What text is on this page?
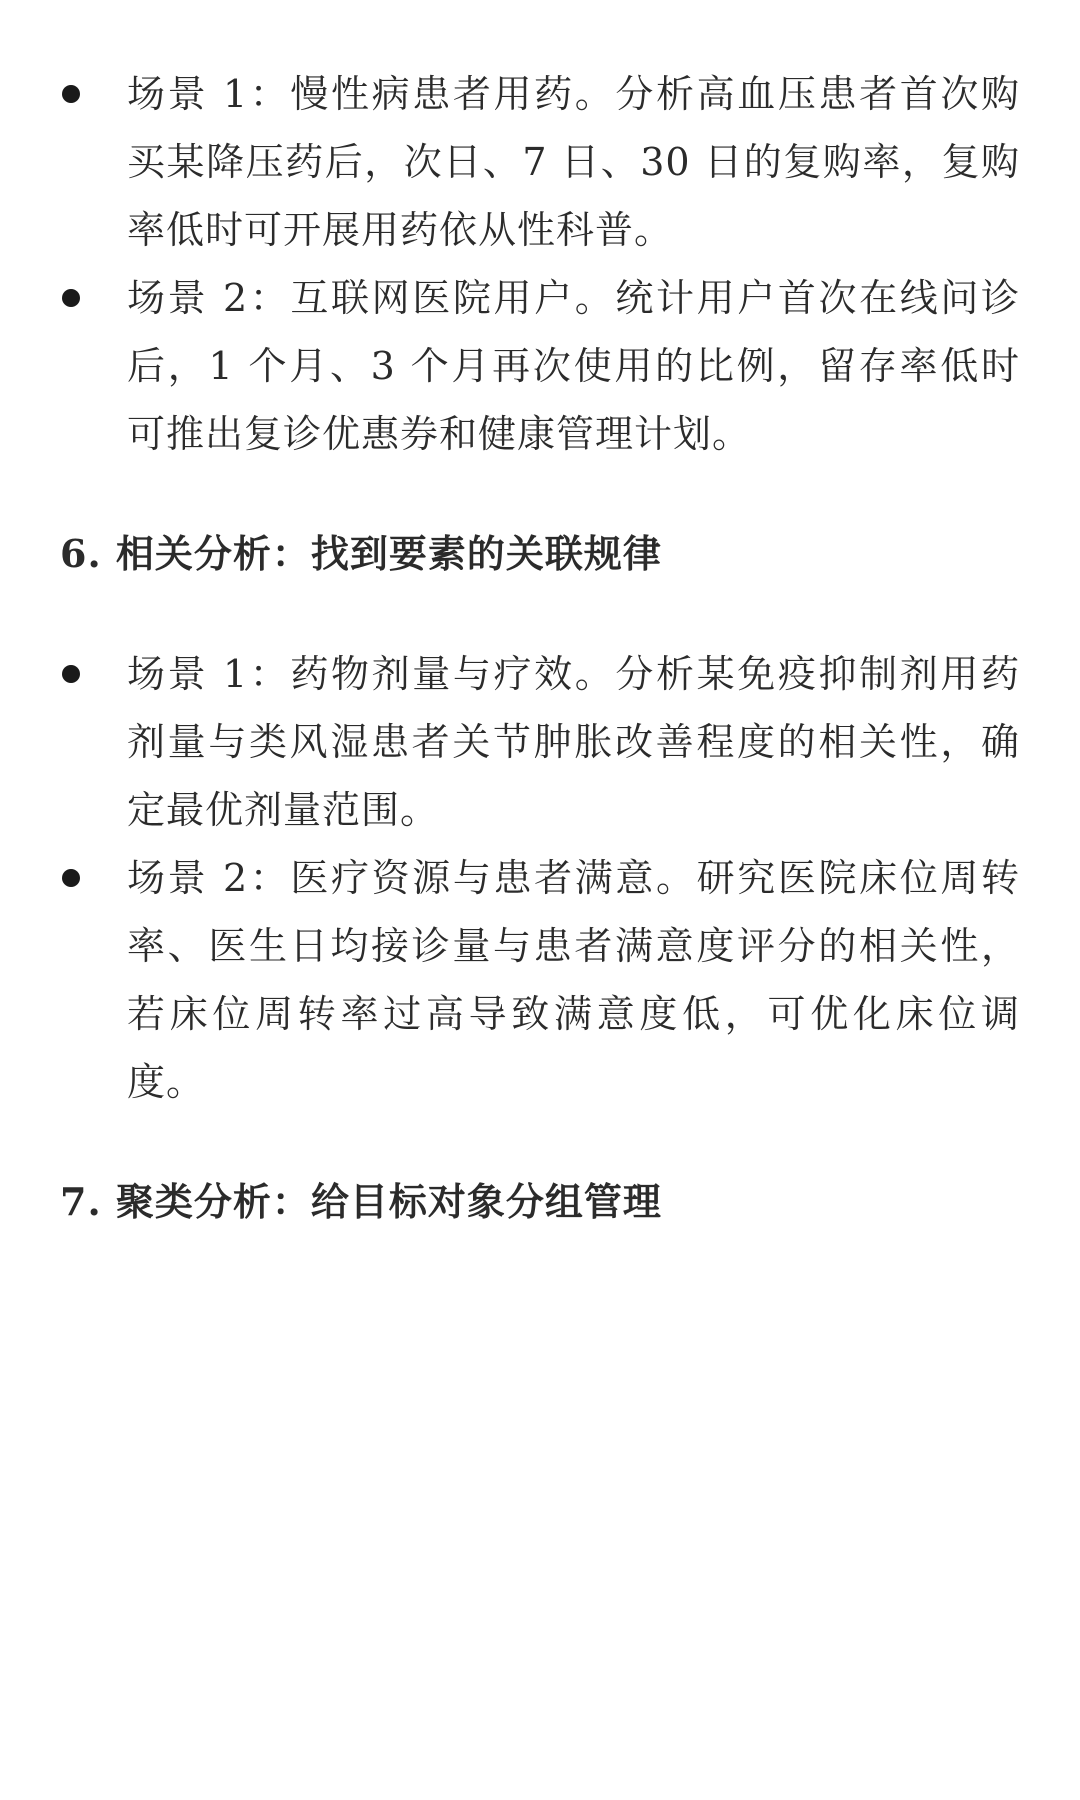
场景 1：慢性病患者用药。分析高血压患者首次购买某降压药后，次日、7 日、30 日的复购率，复购率低时可开展用药依从性科普。
场景 2：互联网医院用户。统计用户首次在线问诊后，1 个月、3 个月再次使用的比例，留存率低时可推出复诊优惠券和健康管理计划。
6. 相关分析：找到要素的关联规律
场景 1：药物剂量与疗效。分析某免疫抑制剂用药剂量与类风湿患者关节肿胀改善程度的相关性，确定最优剂量范围。
场景 2：医疗资源与患者满意。研究医院床位周转率、医生日均接诊量与患者满意度评分的相关性，若床位周转率过高导致满意度低，可优化床位调度。
7. 聚类分析：给目标对象分组管理
